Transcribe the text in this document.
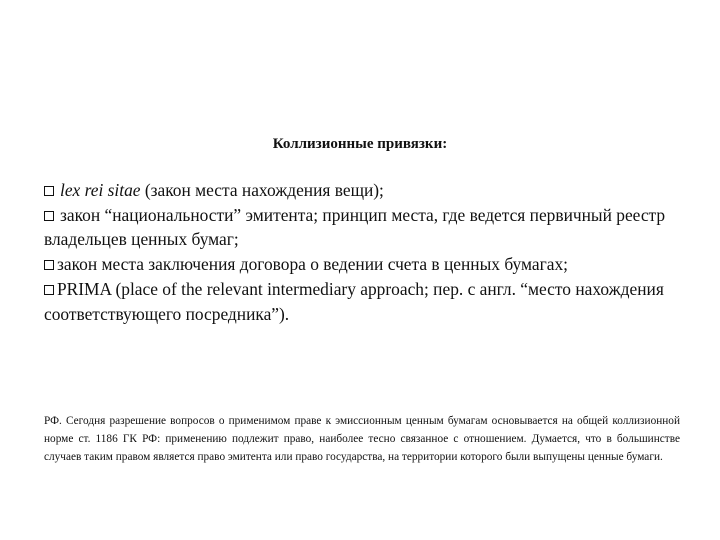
Коллизионные привязки:
lex rei sitae (закон места нахождения вещи);
закон “национальности” эмитента; принцип места, где ведется первичный реестр владельцев ценных бумаг;
закон места заключения договора о ведении счета в ценных бумагах;
PRIMA (place of the relevant intermediary approach; пер. с англ. “место нахождения соответствующего посредника”).
РФ. Сегодня разрешение вопросов о применимом праве к эмиссионным ценным бумагам основывается на общей коллизионной норме ст. 1186 ГК РФ: применению подлежит право, наиболее тесно связанное с отношением. Думается, что в большинстве случаев таким правом является право эмитента или право государства, на территории которого были выпущены ценные бумаги.
